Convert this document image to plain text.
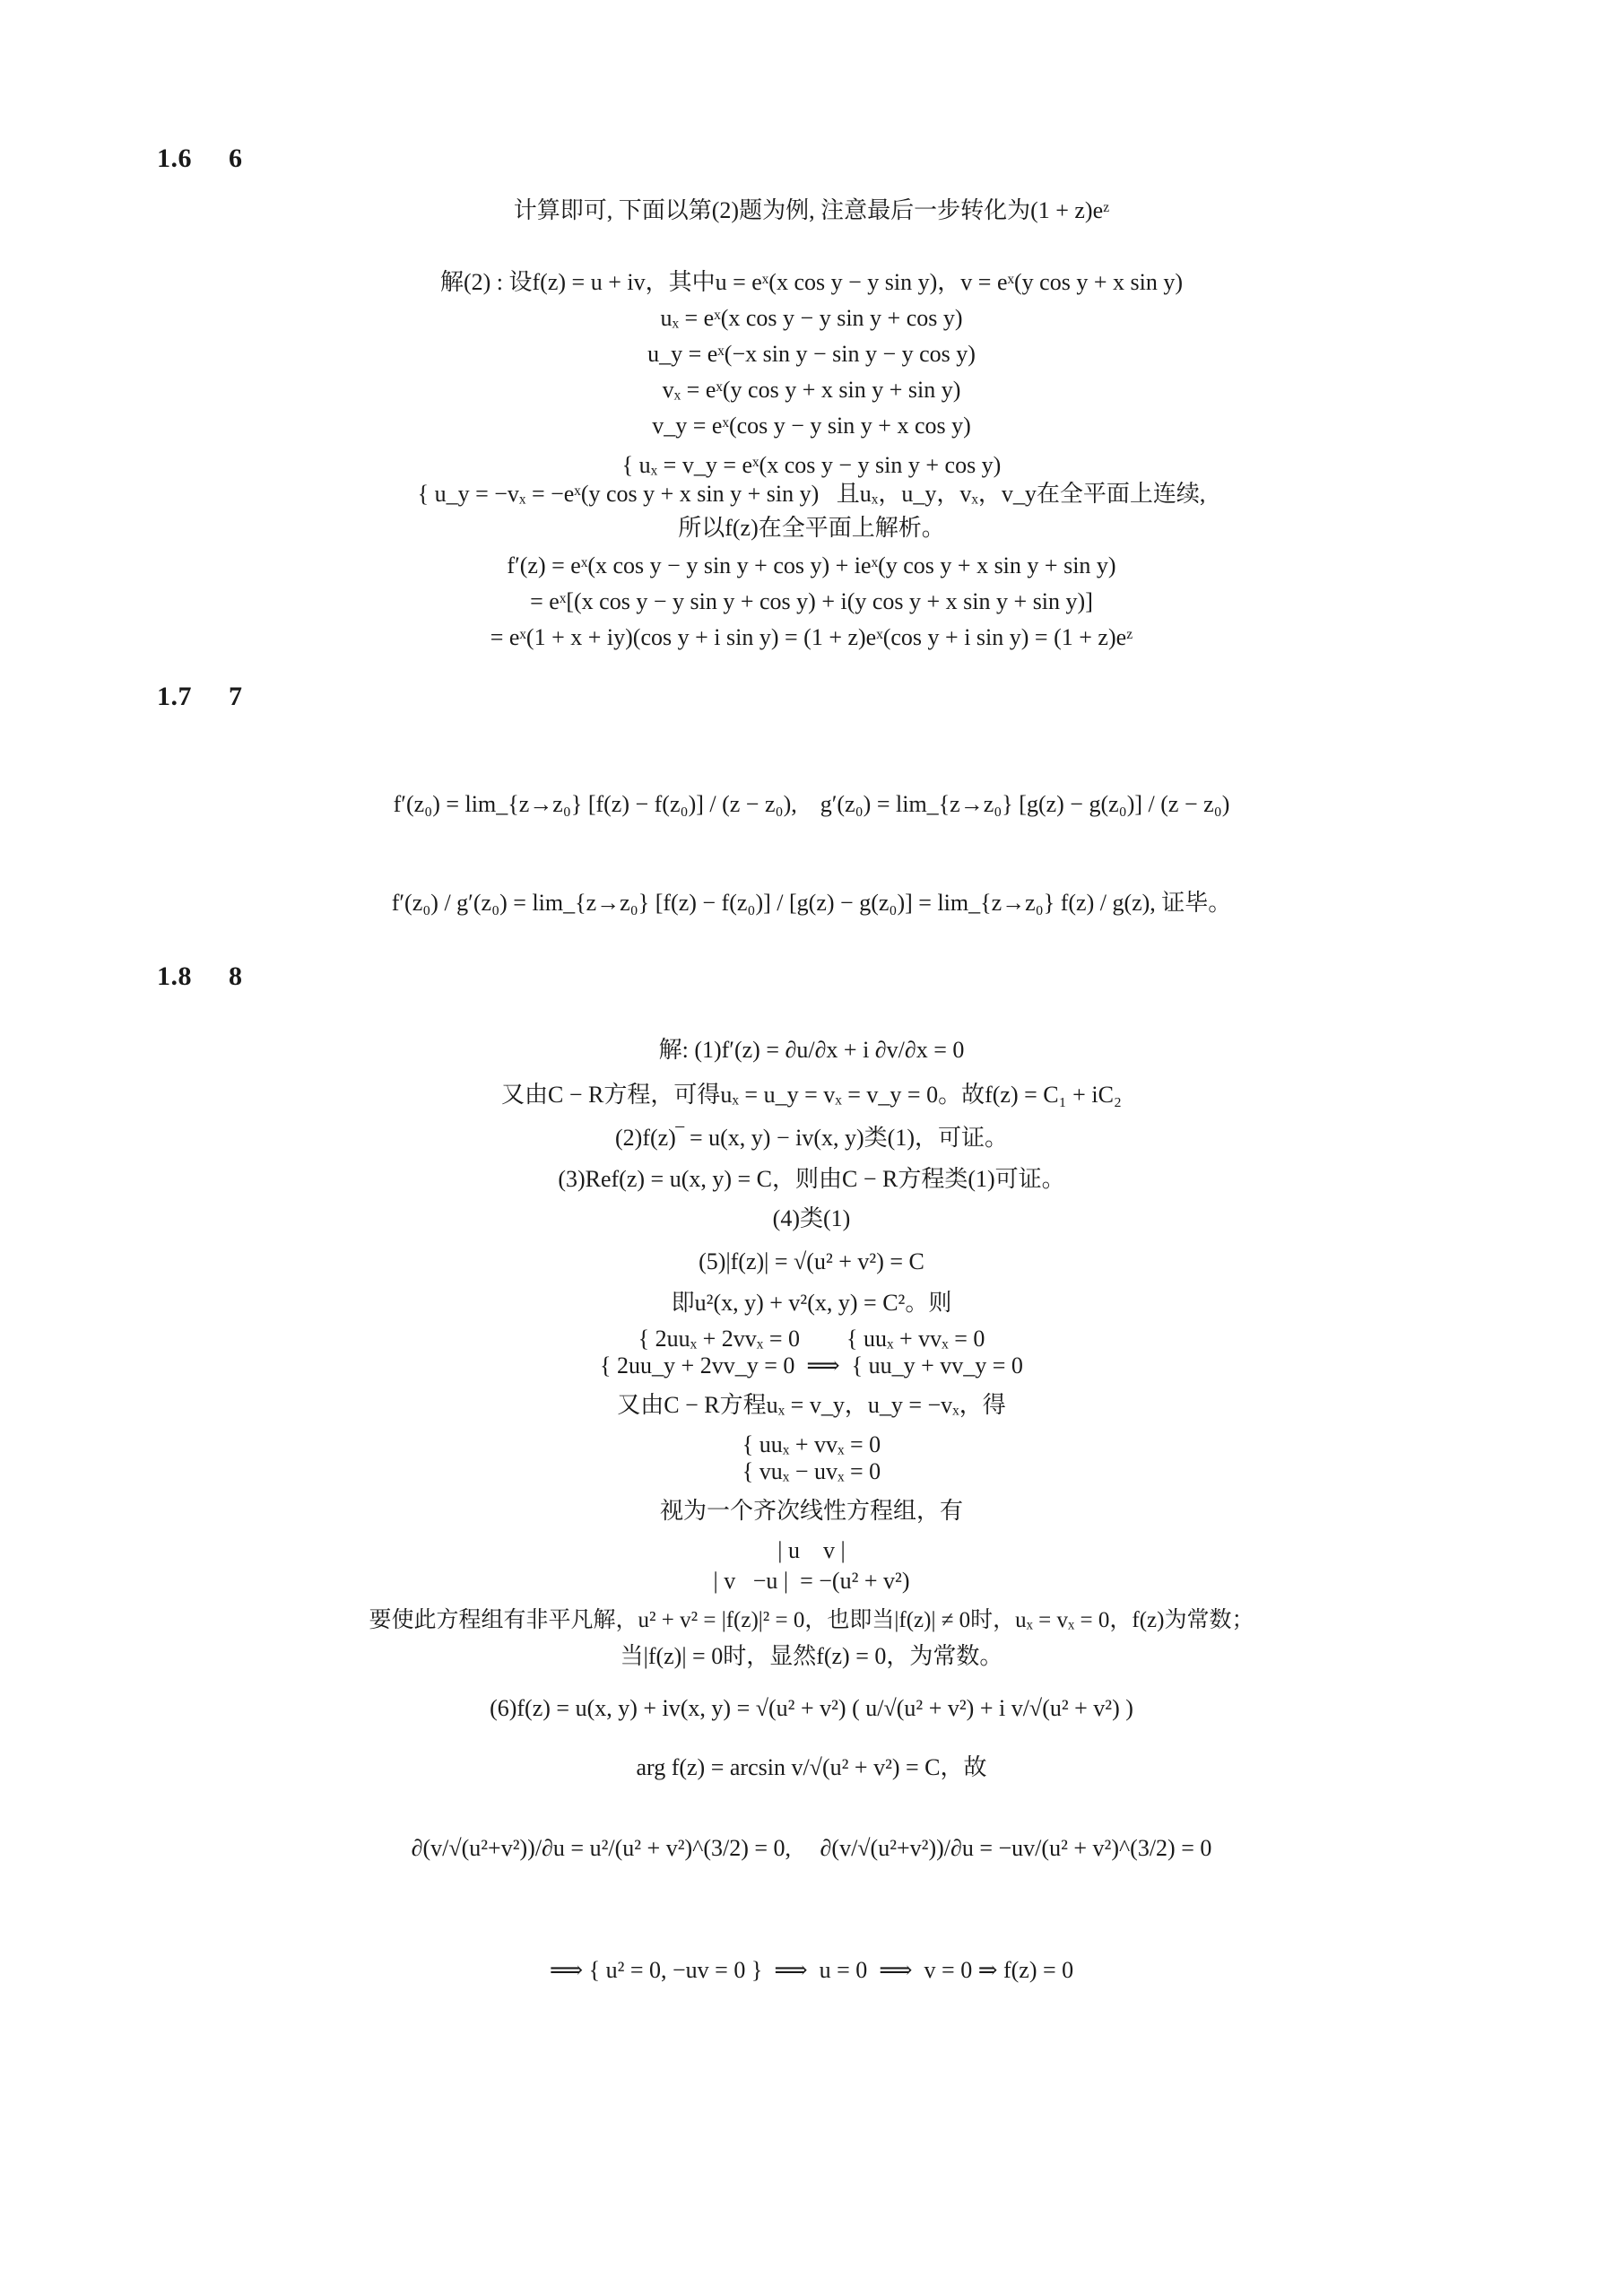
1.6 6
计算即可, 下面以第(2)题为例, 注意最后一步转化为(1 + z)eᶻ
解(2) : 设f(z) = u + iv，其中u = eˣ(x cos y − y sin y)，v = eˣ(y cos y + x sin y)
uₓ = eˣ(x cos y − y sin y + cos y)
u_y = eˣ(−x sin y − sin y − y cos y)
vₓ = eˣ(y cos y + x sin y + sin y)
v_y = eˣ(cos y − y sin y + x cos y)
{ uₓ = v_y = eˣ(x cos y − y sin y + cos y)
{ u_y = −vₓ = −eˣ(y cos y + x sin y + sin y)   且uₓ，u_y，vₓ，v_y在全平面上连续,
所以f(z)在全平面上解析。
f′(z) = eˣ(x cos y − y sin y + cos y) + ieˣ(y cos y + x sin y + sin y)
= eˣ[(x cos y − y sin y + cos y) + i(y cos y + x sin y + sin y)]
= eˣ(1 + x + iy)(cos y + i sin y) = (1 + z)eˣ(cos y + i sin y) = (1 + z)eᶻ
1.7 7
f′(z₀) = lim_{z→z₀} [f(z) − f(z₀)] / (z − z₀),    g′(z₀) = lim_{z→z₀} [g(z) − g(z₀)] / (z − z₀)
f′(z₀) / g′(z₀) = lim_{z→z₀} [f(z) − f(z₀)] / [g(z) − g(z₀)] = lim_{z→z₀} f(z) / g(z), 证毕。
1.8 8
解: (1)f′(z) = ∂u/∂x + i ∂v/∂x = 0
又由C − R方程，可得uₓ = u_y = vₓ = v_y = 0。故f(z) = C₁ + iC₂
(2)f(z)‾ = u(x, y) − iv(x, y)类(1)，可证。
(3)Ref(z) = u(x, y) = C，则由C − R方程类(1)可证。
(4)类(1)
(5)|f(z)| = √(u² + v²) = C
即u²(x, y) + v²(x, y) = C²。则
{ 2uuₓ + 2vvₓ = 0        { uuₓ + vvₓ = 0
{ 2uu_y + 2vv_y = 0  ⟹  { uu_y + vv_y = 0
又由C − R方程uₓ = v_y，u_y = −vₓ，得
{ uuₓ + vvₓ = 0
{ vuₓ − uvₓ = 0
视为一个齐次线性方程组，有
| u    v |
| v   −u |  = −(u² + v²)
要使此方程组有非平凡解，u² + v² = |f(z)|² = 0，也即当|f(z)| ≠ 0时，uₓ = vₓ = 0，f(z)为常数；
当|f(z)| = 0时，显然f(z) = 0，为常数。
(6)f(z) = u(x, y) + iv(x, y) = √(u² + v²) ( u/√(u² + v²) + i v/√(u² + v²) )
arg f(z) = arcsin v/√(u² + v²) = C，故
∂(v/√(u²+v²))/∂u = u²/(u² + v²)^(3/2) = 0,     ∂(v/√(u²+v²))/∂u = −uv/(u² + v²)^(3/2) = 0
⟹ { u² = 0, −uv = 0 }  ⟹  u = 0  ⟹  v = 0 ⇒ f(z) = 0
